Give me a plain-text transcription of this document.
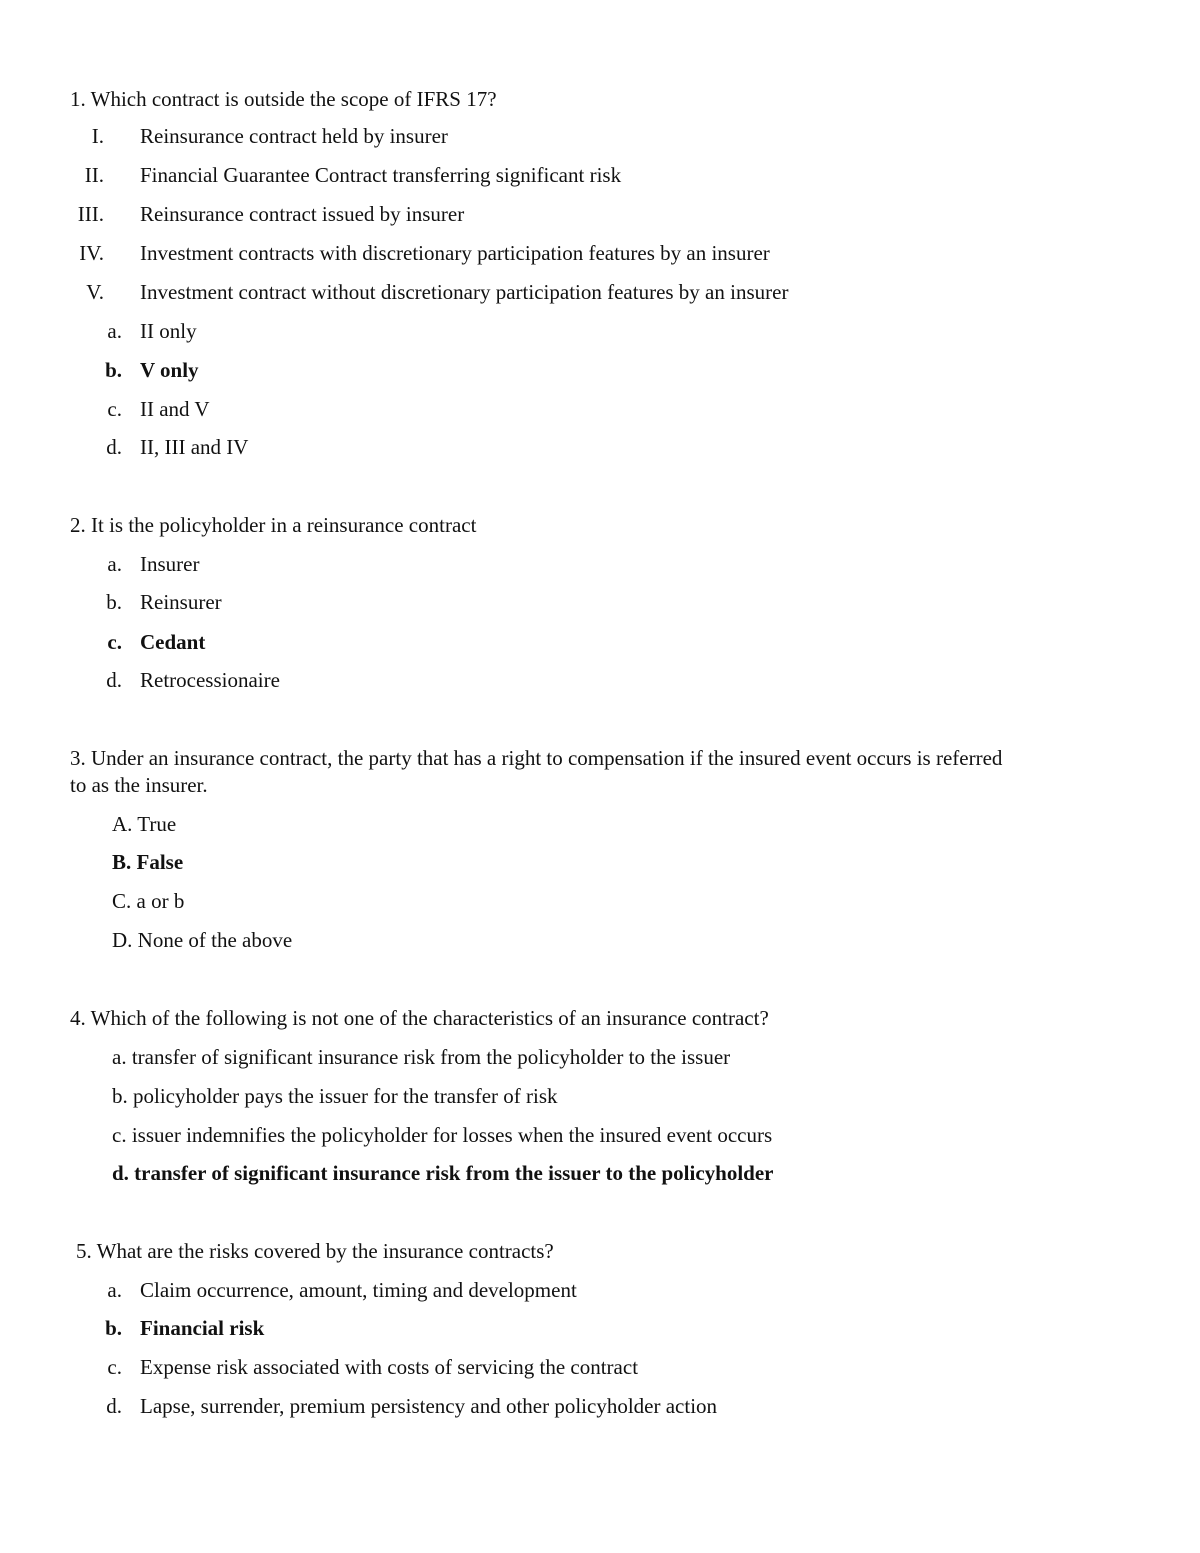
1. Which contract is outside the scope of IFRS 17?
I. Reinsurance contract held by insurer
II. Financial Guarantee Contract transferring significant risk
III. Reinsurance contract issued by insurer
IV. Investment contracts with discretionary participation features by an insurer
V. Investment contract without discretionary participation features by an insurer
a. II only
b. V only
c. II and V
d. II, III and IV
2. It is the policyholder in a reinsurance contract
a. Insurer
b. Reinsurer
c. Cedant
d. Retrocessionaire
3. Under an insurance contract, the party that has a right to compensation if the insured event occurs is referred
to as the insurer.
A. True
B. False
C. a or b
D. None of the above
4. Which of the following is not one of the characteristics of an insurance contract?
a. transfer of significant insurance risk from the policyholder to the issuer
b. policyholder pays the issuer for the transfer of risk
c. issuer indemnifies the policyholder for losses when the insured event occurs
d. transfer of significant insurance risk from the issuer to the policyholder
5. What are the risks covered by the insurance contracts?
a. Claim occurrence, amount, timing and development
b. Financial risk
c. Expense risk associated with costs of servicing the contract
d. Lapse, surrender, premium persistency and other policyholder action
